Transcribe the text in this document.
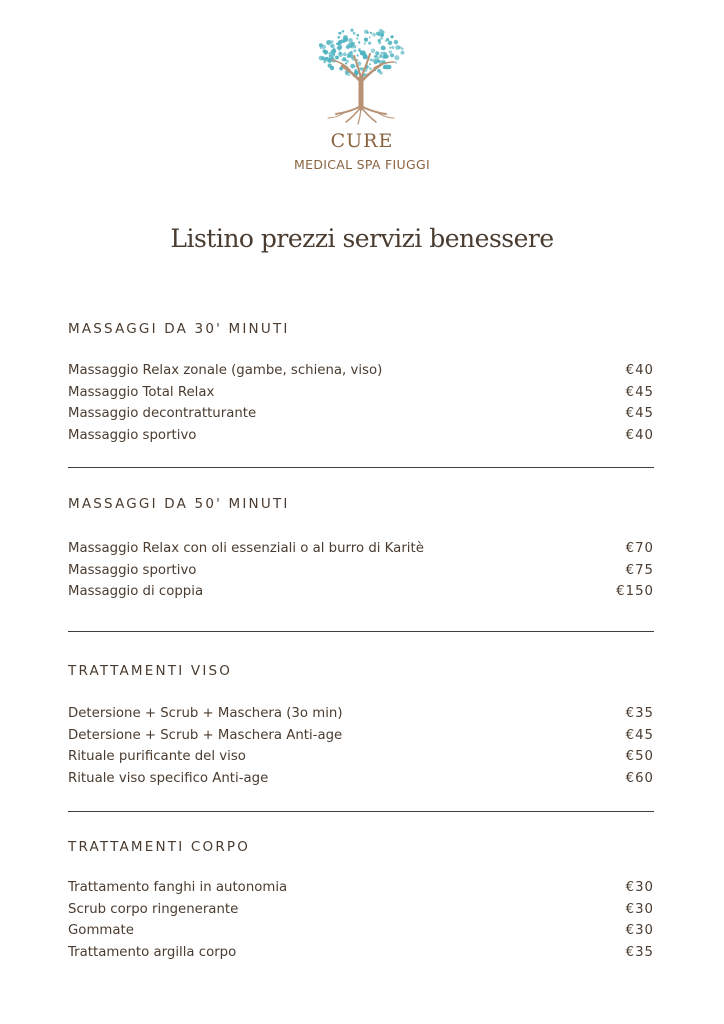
CURE
MEDICAL SPA FIUGGI
Listino prezzi servizi benessere
MASSAGGI DA 30' MINUTI
Massaggio Relax zonale (gambe, schiena, viso)	€40
Massaggio Total Relax	€45
Massaggio decontratturante	€45
Massaggio sportivo	€40
MASSAGGI DA 50' MINUTI
Massaggio Relax con oli essenziali o al burro di Karitè	€70
Massaggio sportivo	€75
Massaggio di coppia	€150
TRATTAMENTI VISO
Detersione + Scrub + Maschera (3o min)	€35
Detersione + Scrub + Maschera Anti-age	€45
Rituale purificante del viso	€50
Rituale viso specifico Anti-age	€60
TRATTAMENTI CORPO
Trattamento fanghi in autonomia	€30
Scrub corpo ringenerante	€30
Gommate	€30
Trattamento argilla corpo	€35
